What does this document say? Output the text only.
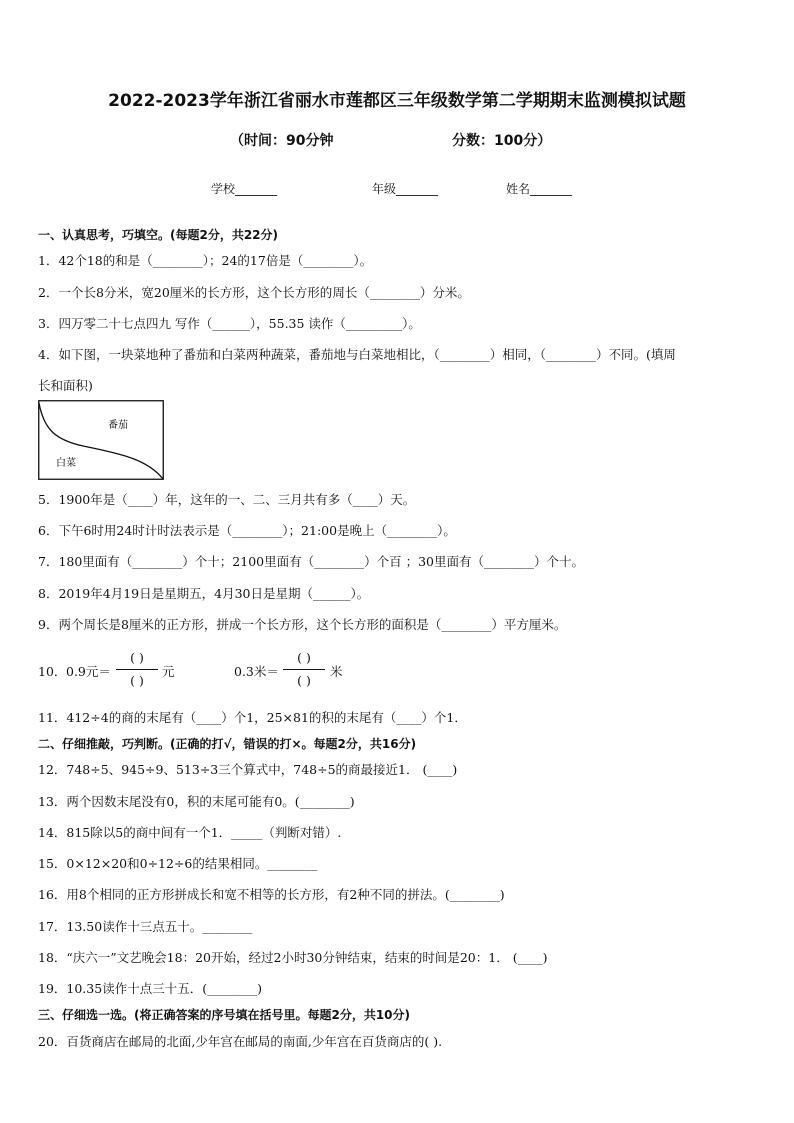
2022-2023学年浙江省丽水市莲都区三年级数学第二学期期末监测模拟试题
（时间：90分钟	分数：100分）
学校_______	年级_______	姓名_______
一、认真思考，巧填空。(每题2分，共22分)
1．42个18的和是（________）；24的17倍是（________）。
2．一个长8分米，宽20厘米的长方形，这个长方形的周长（________）分米。
3．四万零二十七点四九 写作（______），55.35 读作（_________）。
4．如下图，一块菜地种了番茄和白菜两种蔬菜，番茄地与白菜地相比，（________）相同，（________）不同。(填周
长和面积)
番茄
白菜
5．1900年是（____）年，这年的一、二、三月共有多（____）天。
6．下午6时用24时计时法表示是（________）；21:00是晚上（________）。
7．180里面有（________）个十；2100里面有（________）个百 ；30里面有（________）个十。
8．2019年4月19日是星期五，4月30日是星期（______）。
9．两个周长是8厘米的正方形，拼成一个长方形，这个长方形的面积是（________）平方厘米。
10． 0.9元＝
( )
( )
元	0.3米＝
( )
( )
米
11．412÷4的商的末尾有（____）个1，25×81的积的末尾有（____）个1．
二、仔细推敲，巧判断。(正确的打√，错误的打×。每题2分，共16分)
12．748÷5、945÷9、513÷3三个算式中，748÷5的商最接近1． (____)
13．两个因数末尾没有0，积的末尾可能有0。(________)
14．815除以5的商中间有一个1．_____（判断对错）.
15．0×12×20和0÷12÷6的结果相同。________
16．用8个相同的正方形拼成长和宽不相等的长方形，有2种不同的拼法。(________)
17．13.50读作十三点五十。________
18．“庆六一”文艺晚会18：20开始，经过2小时30分钟结束，结束的时间是20：1． (____)
19．10.35读作十点三十五．(________)
三、仔细选一选。(将正确答案的序号填在括号里。每题2分，共10分)
20．百货商店在邮局的北面,少年宫在邮局的南面,少年宫在百货商店的( ).
